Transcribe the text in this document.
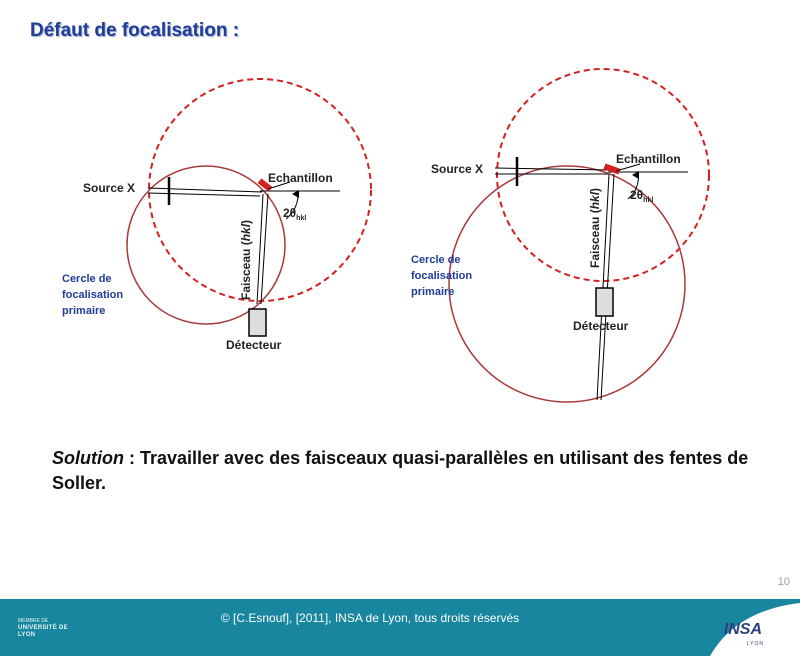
Défaut de focalisation :
Source X
Echantillon
$2\theta_{hkl}$
Faisceau (hkl)
Détecteur
Cercle de
focalisation
primaire
Source X
Echantillon
$2\theta_{hkl}$
Faisceau (hkl)
Détecteur
Cercle de
focalisation
primaire

Solution : Travailler avec des faisceaux quasi-parallèles en utilisant des fentes de Soller.

10
MEMBRE DE
UNIVERSITÉ DE LYON
© [C.Esnouf], [2011], INSA de Lyon, tous droits réservés
INSA
LYON
